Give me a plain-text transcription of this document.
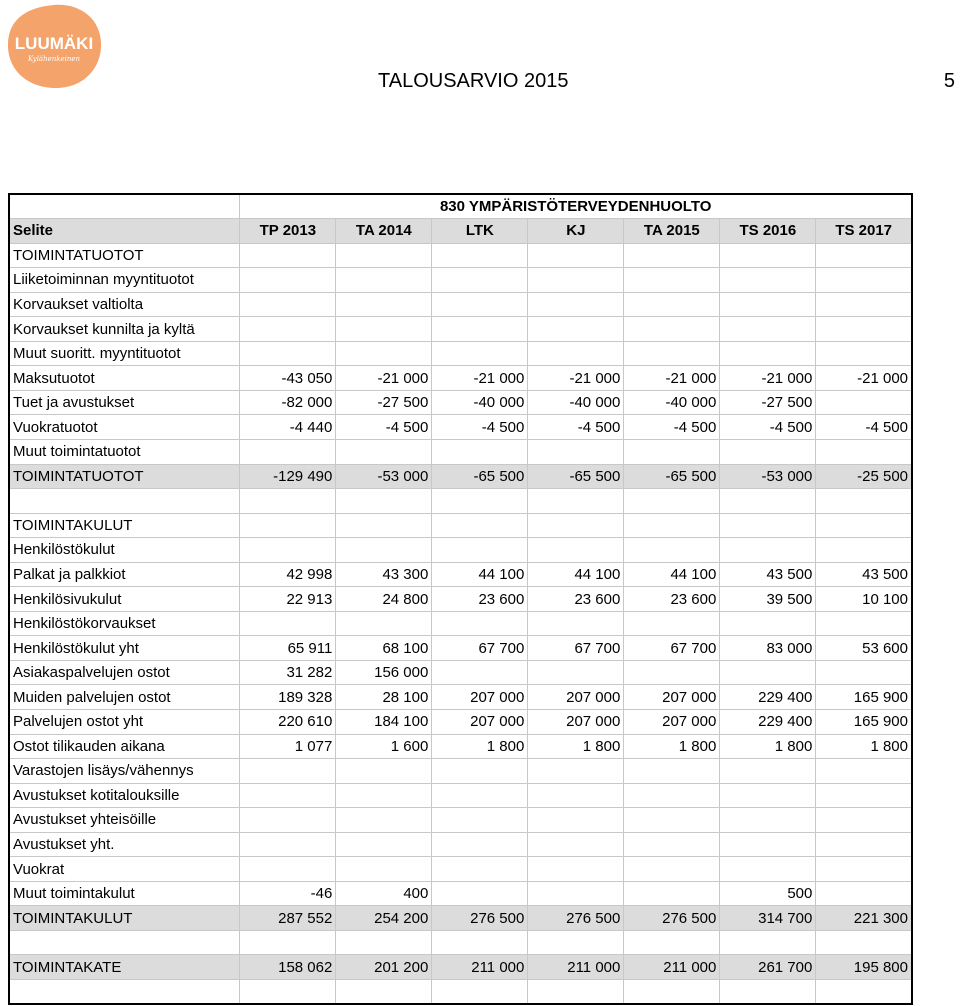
LUUMÄKI
Kylähenkeinen
TALOUSARVIO 2015	5
	830 YMPÄRISTÖTERVEYDENHUOLTO						
Selite	TP 2013	TA 2014	LTK	KJ	TA 2015	TS 2016	TS 2017
TOIMINTATUOTOT							
Liiketoiminnan myyntituotot							
Korvaukset valtiolta							
Korvaukset kunnilta ja kyltä							
Muut suoritt. myyntituotot							
Maksutuotot	-43 050	-21 000	-21 000	-21 000	-21 000	-21 000	-21 000
Tuet ja avustukset	-82 000	-27 500	-40 000	-40 000	-40 000	-27 500	
Vuokratuotot	-4 440	-4 500	-4 500	-4 500	-4 500	-4 500	-4 500
Muut toimintatuotot							
TOIMINTATUOTOT	-129 490	-53 000	-65 500	-65 500	-65 500	-53 000	-25 500

TOIMINTAKULUT							
Henkilöstökulut							
Palkat ja palkkiot	42 998	43 300	44 100	44 100	44 100	43 500	43 500
Henkilösivukulut	22 913	24 800	23 600	23 600	23 600	39 500	10 100
Henkilöstökorvaukset							
Henkilöstökulut yht	65 911	68 100	67 700	67 700	67 700	83 000	53 600
Asiakaspalvelujen ostot	31 282	156 000					
Muiden palvelujen ostot	189 328	28 100	207 000	207 000	207 000	229 400	165 900
Palvelujen ostot yht	220 610	184 100	207 000	207 000	207 000	229 400	165 900
Ostot tilikauden aikana	1 077	1 600	1 800	1 800	1 800	1 800	1 800
Varastojen lisäys/vähennys							
Avustukset kotitalouksille							
Avustukset yhteisöille							
Avustukset yht.							
Vuokrat							
Muut toimintakulut	-46	400				500	
TOIMINTAKULUT	287 552	254 200	276 500	276 500	276 500	314 700	221 300

TOIMINTAKATE	158 062	201 200	211 000	211 000	211 000	261 700	195 800
